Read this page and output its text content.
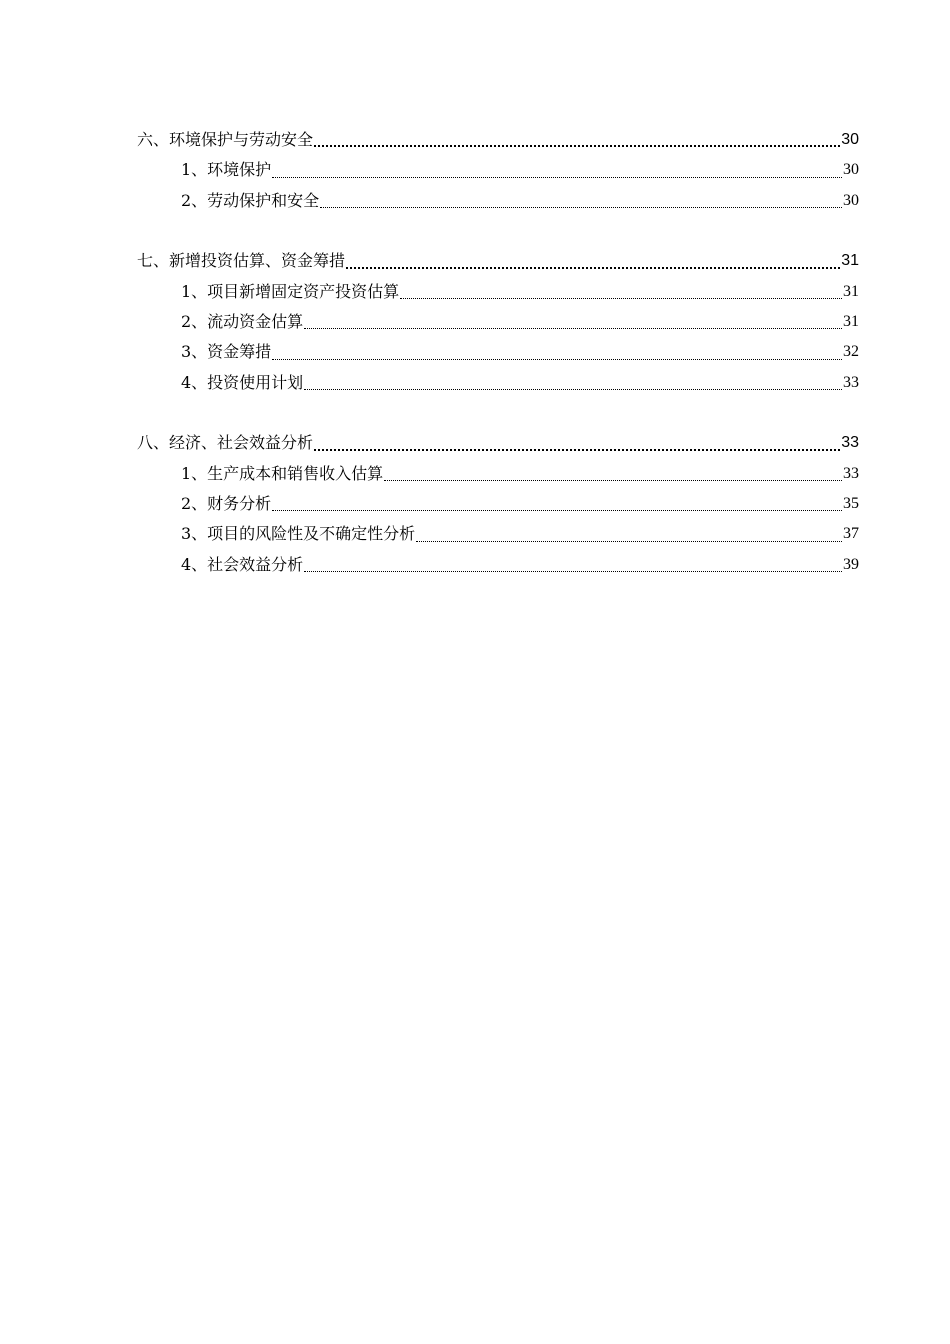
六、环境保护与劳动安全	30
1、环境保护	30
2、劳动保护和安全	30
七、新增投资估算、资金筹措	31
1、项目新增固定资产投资估算	31
2、流动资金估算	31
3、资金筹措	32
4、投资使用计划	33
八、经济、社会效益分析	33
1、生产成本和销售收入估算	33
2、财务分析	35
3、项目的风险性及不确定性分析	37
4、社会效益分析	39
